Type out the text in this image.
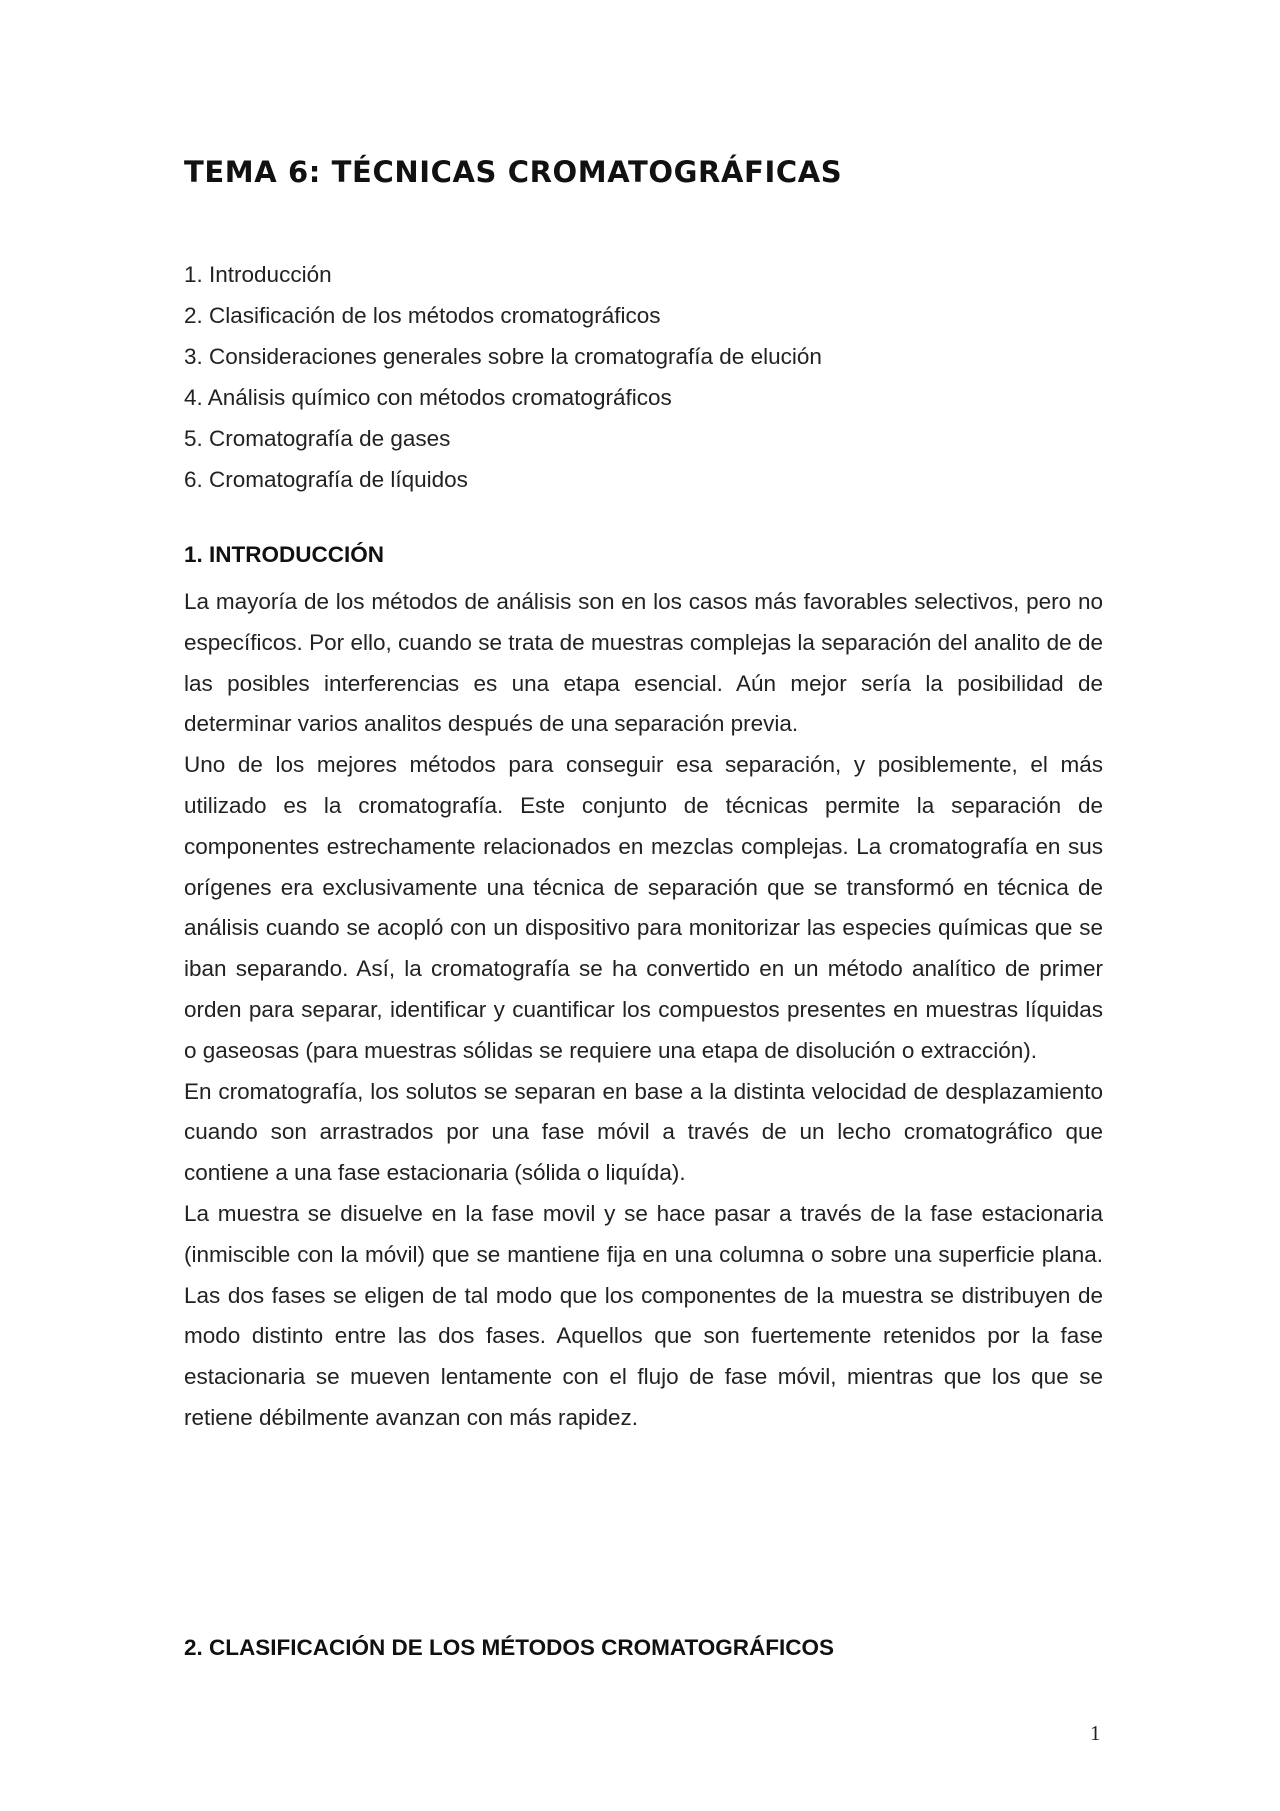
TEMA 6: TÉCNICAS CROMATOGRÁFICAS
1. Introducción
2. Clasificación de los métodos cromatográficos
3. Consideraciones generales sobre la cromatografía de elución
4. Análisis químico con métodos cromatográficos
5. Cromatografía de gases
6. Cromatografía de líquidos
1. INTRODUCCIÓN

La mayoría de los métodos de análisis son en los casos más favorables selectivos, pero no específicos. Por ello, cuando se trata de muestras complejas la separación del analito de de las posibles interferencias es una etapa esencial. Aún mejor sería la posibilidad de determinar varios analitos después de una separación previa.

Uno de los mejores métodos para conseguir esa separación, y posiblemente, el más utilizado es la cromatografía. Este conjunto de técnicas permite la separación de componentes estrechamente relacionados en mezclas complejas. La cromatografía en sus orígenes era exclusivamente una técnica de separación que se transformó en técnica de análisis cuando se acopló con un dispositivo para monitorizar las especies químicas que se iban separando. Así, la cromatografía se ha convertido en un método analítico de primer orden para separar, identificar y cuantificar los compuestos presentes en muestras líquidas o gaseosas (para muestras sólidas se requiere una etapa de disolución o extracción).

En cromatografía, los solutos se separan en base a la distinta velocidad de desplazamiento cuando son arrastrados por una fase móvil a través de un lecho cromatográfico que contiene a una fase estacionaria (sólida o liquída).

La muestra se disuelve en la fase movil y se hace pasar a través de la fase estacionaria (inmiscible con la móvil) que se mantiene fija en una columna o sobre una superficie plana. Las dos fases se eligen de tal modo que los componentes de la muestra se distribuyen de modo distinto entre las dos fases. Aquellos que son fuertemente retenidos por la fase estacionaria se mueven lentamente con el flujo de fase móvil, mientras que los que se retiene débilmente avanzan con más rapidez.

2. CLASIFICACIÓN DE LOS MÉTODOS CROMATOGRÁFICOS
1
